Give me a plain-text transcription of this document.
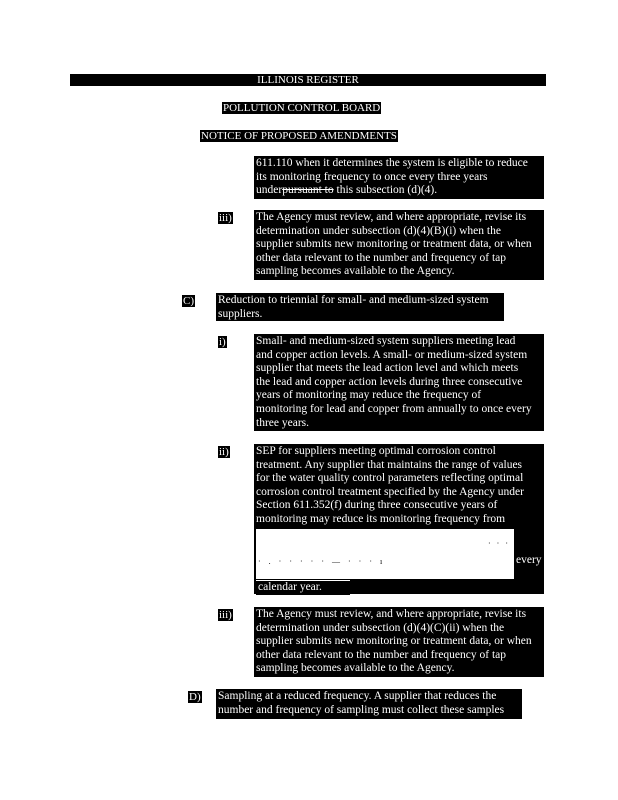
ILLINOIS REGISTER
POLLUTION CONTROL BOARD
NOTICE OF PROPOSED AMENDMENTS
611.110 when it determines the system is eligible to reduce
its monitoring frequency to once every three years
underpursuant to this subsection (d)(4).
iii) The Agency must review, and where appropriate, revise its
determination under subsection (d)(4)(B)(i) when the
supplier submits new monitoring or treatment data, or when
other data relevant to the number and frequency of tap
sampling becomes available to the Agency.
C) Reduction to triennial for small- and medium-sized system
suppliers.
i)	Small- and medium-sized system suppliers meeting lead
and copper action levels. A small- or medium-sized system
supplier that meets the lead action level and which meets
the lead and copper action levels during three consecutive
years of monitoring may reduce the frequency of
monitoring for lead and copper from annually to once every
three years.
ii) SEP for suppliers meeting optimal corrosion control
treatment. Any supplier that maintains the range of values
for the water quality control parameters reflecting optimal
corrosion control treatment specified by the Agency under
Section 611.352(f) during three consecutive years of
monitoring may reduce its monitoring frequency from
· · ·
· . · · · · · — · · · ı	every
calendar year.
iii) The Agency must review, and where appropriate, revise its
determination under subsection (d)(4)(C)(ii) when the
supplier submits new monitoring or treatment data, or when
other data relevant to the number and frequency of tap
sampling becomes available to the Agency.
D) Sampling at a reduced frequency. A supplier that reduces the
number and frequency of sampling must collect these samples
